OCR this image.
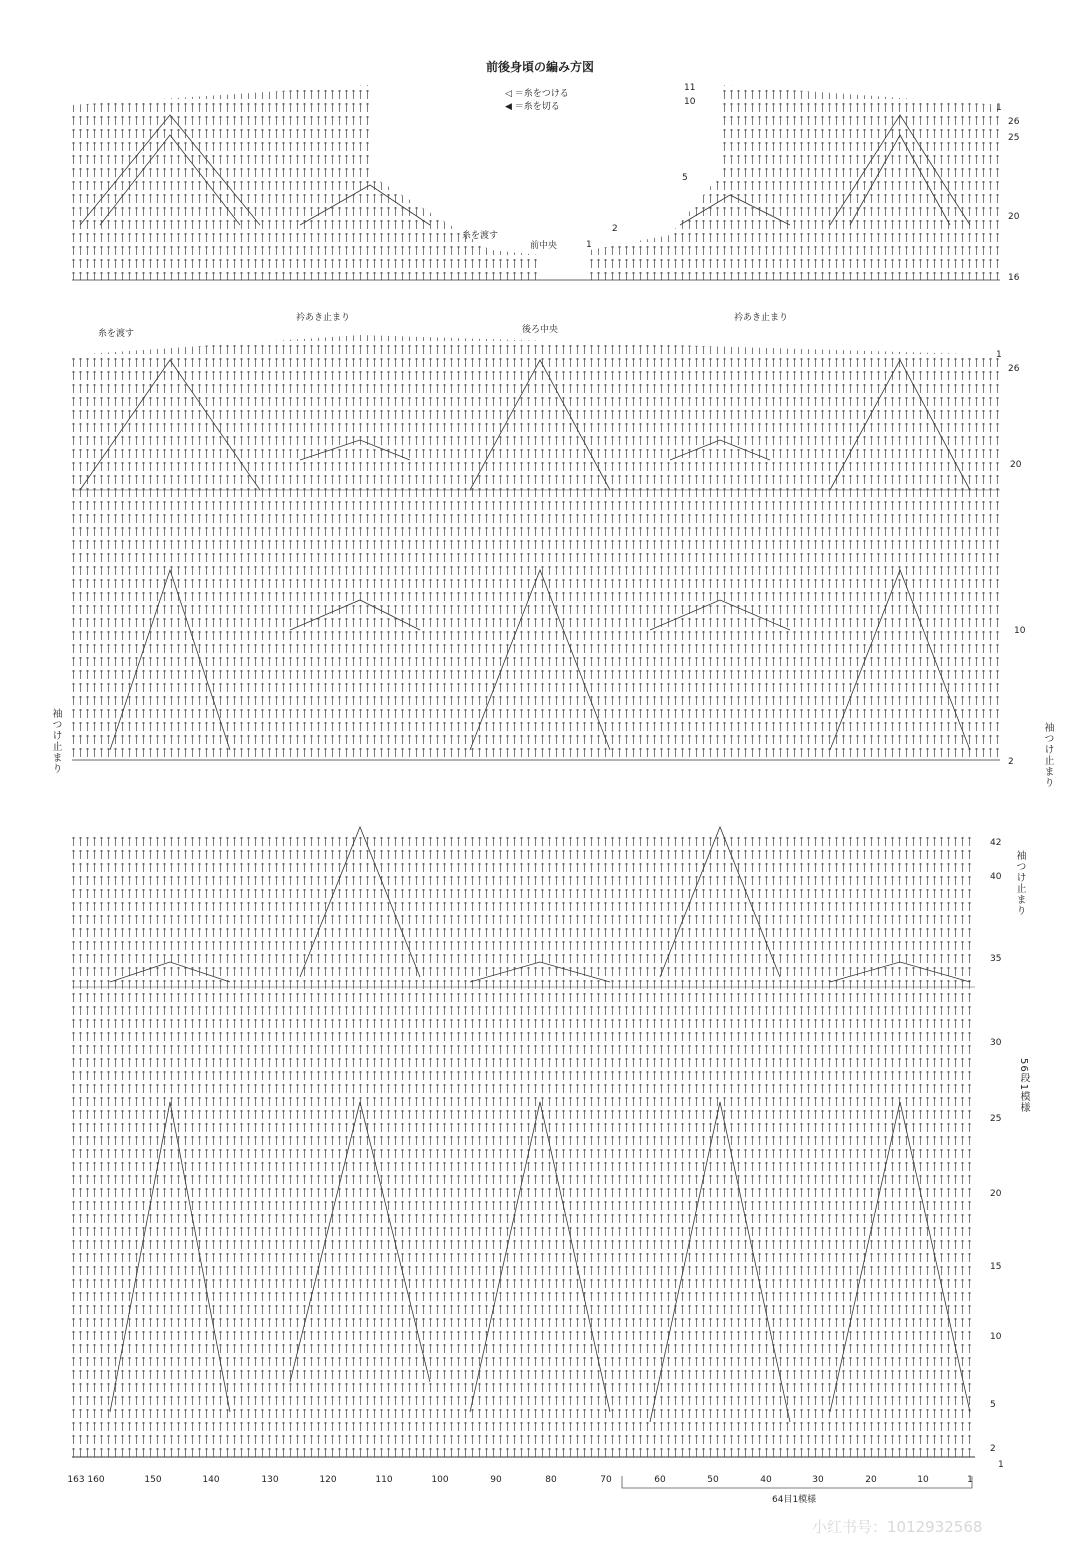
前後身頃の編み方図
◁ ＝糸をつける
◀ ＝糸を切る
糸を渡す
前中央
11
10
5
2
1
1
26
25
20
16
糸を渡す
衿あき止まり	衿あき止まり
後ろ中央
袖つけ止まり	袖つけ止まり
1
26
20
10
2
42
40
35
30
25
20
15
10
5
2
1
袖つけ止まり
56段1模様
163 160	150	140	130	120	110	100	90	80	70	60	50	40	30	20	10	1
64目1模様
小红书号：1012932568
